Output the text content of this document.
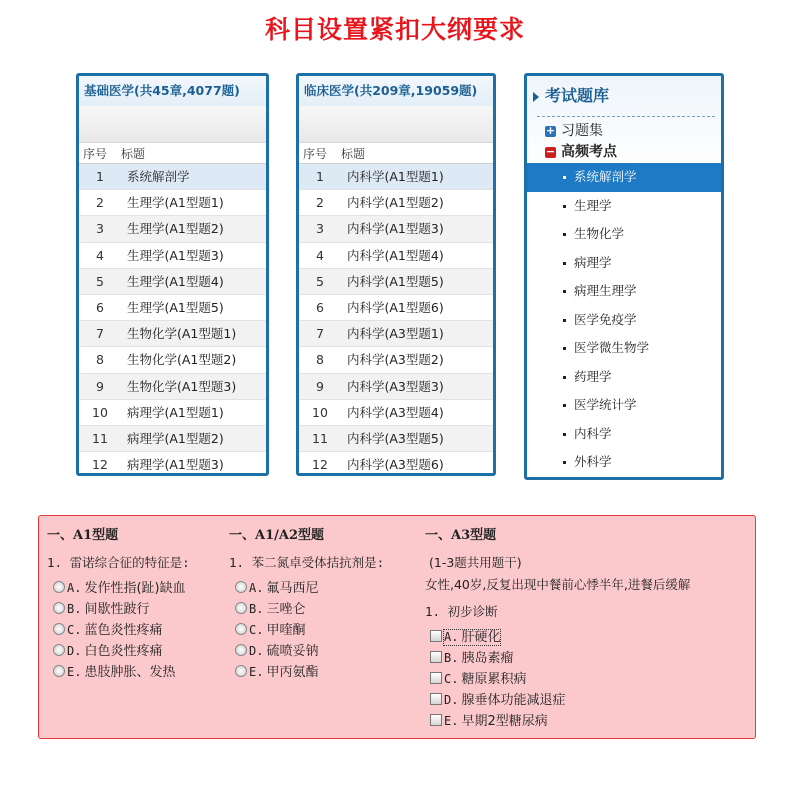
科目设置紧扣大纲要求
基础医学(共45章,4077题)
序号 标题
1 系统解剖学
2 生理学(A1型题1)
3 生理学(A1型题2)
4 生理学(A1型题3)
5 生理学(A1型题4)
6 生理学(A1型题5)
7 生物化学(A1型题1)
8 生物化学(A1型题2)
9 生物化学(A1型题3)
10 病理学(A1型题1)
11 病理学(A1型题2)
12 病理学(A1型题3)
临床医学(共209章,19059题)
序号 标题
1 内科学(A1型题1)
2 内科学(A1型题2)
3 内科学(A1型题3)
4 内科学(A1型题4)
5 内科学(A1型题5)
6 内科学(A1型题6)
7 内科学(A3型题1)
8 内科学(A3型题2)
9 内科学(A3型题3)
10 内科学(A3型题4)
11 内科学(A3型题5)
12 内科学(A3型题6)
考试题库
+ 习题集
− 高频考点
系统解剖学
生理学
生物化学
病理学
病理生理学
医学免疫学
医学微生物学
药理学
医学统计学
内科学
外科学
一、A1型题
1. 雷诺综合征的特征是:
A. 发作性指(趾)缺血
B. 间歇性跛行
C. 蓝色炎性疼痛
D. 白色炎性疼痛
E. 患肢肿胀、发热
一、A1/A2型题
1. 苯二氮卓受体拮抗剂是:
A. 氟马西尼
B. 三唑仑
C. 甲喹酮
D. 硫喷妥钠
E. 甲丙氨酯
一、A3型题
(1-3题共用题干)
女性,40岁,反复出现中餐前心悸半年,进餐后缓解
1. 初步诊断
A. 肝硬化
B. 胰岛素瘤
C. 糖原累积病
D. 腺垂体功能减退症
E. 早期2型糖尿病
